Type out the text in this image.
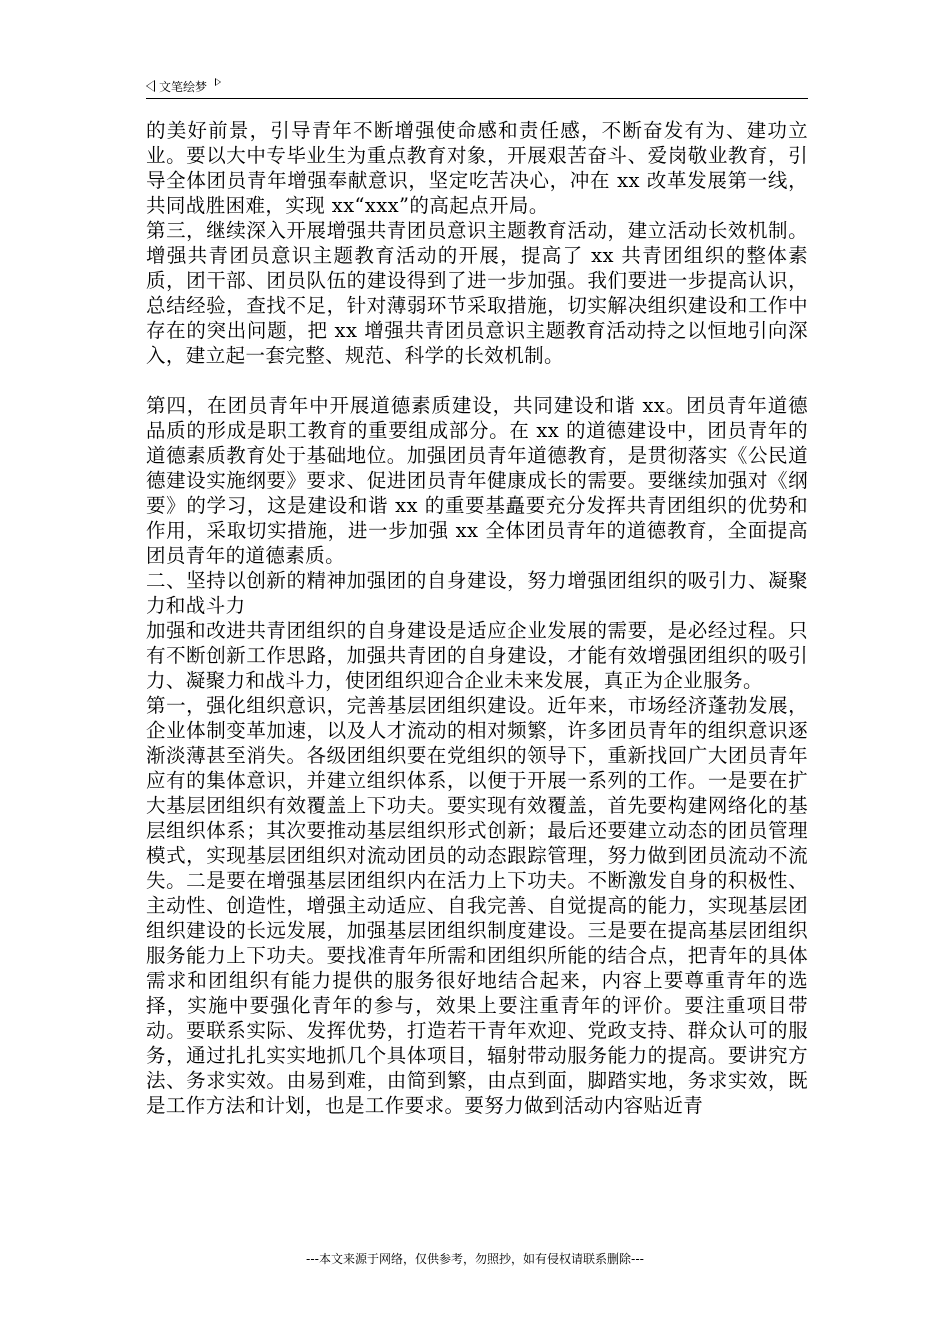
文笔绘梦

的美好前景，引导青年不断增强使命感和责任感，不断奋发有为、建功立业。要以大中专毕业生为重点教育对象，开展艰苦奋斗、爱岗敬业教育，引导全体团员青年增强奉献意识，坚定吃苦决心，冲在 xx 改革发展第一线，共同战胜困难，实现 xx“xxx”的高起点开局。

第三，继续深入开展增强共青团员意识主题教育活动，建立活动长效机制。增强共青团员意识主题教育活动的开展，提高了 xx 共青团组织的整体素质，团干部、团员队伍的建设得到了进一步加强。我们要进一步提高认识，总结经验，查找不足，针对薄弱环节采取措施，切实解决组织建设和工作中存在的突出问题，把 xx 增强共青团员意识主题教育活动持之以恒地引向深入，建立起一套完整、规范、科学的长效机制。

第四，在团员青年中开展道德素质建设，共同建设和谐 xx。团员青年道德品质的形成是职工教育的重要组成部分。在 xx 的道德建设中，团员青年的道德素质教育处于基础地位。加强团员青年道德教育，是贯彻落实《公民道德建设实施纲要》要求、促进团员青年健康成长的需要。要继续加强对《纲要》的学习，这是建设和谐 xx 的重要基矗要充分发挥共青团组织的优势和作用，采取切实措施，进一步加强 xx 全体团员青年的道德教育，全面提高团员青年的道德素质。

二、坚持以创新的精神加强团的自身建设，努力增强团组织的吸引力、凝聚力和战斗力

加强和改进共青团组织的自身建设是适应企业发展的需要，是必经过程。只有不断创新工作思路，加强共青团的自身建设，才能有效增强团组织的吸引力、凝聚力和战斗力，使团组织迎合企业未来发展，真正为企业服务。

第一，强化组织意识，完善基层团组织建设。近年来，市场经济蓬勃发展，企业体制变革加速，以及人才流动的相对频繁，许多团员青年的组织意识逐渐淡薄甚至消失。各级团组织要在党组织的领导下，重新找回广大团员青年应有的集体意识，并建立组织体系，以便于开展一系列的工作。一是要在扩大基层团组织有效覆盖上下功夫。要实现有效覆盖，首先要构建网络化的基层组织体系；其次要推动基层组织形式创新；最后还要建立动态的团员管理模式，实现基层团组织对流动团员的动态跟踪管理，努力做到团员流动不流失。二是要在增强基层团组织内在活力上下功夫。不断激发自身的积极性、主动性、创造性，增强主动适应、自我完善、自觉提高的能力，实现基层团组织建设的长远发展，加强基层团组织制度建设。三是要在提高基层团组织服务能力上下功夫。要找准青年所需和团组织所能的结合点，把青年的具体需求和团组织有能力提供的服务很好地结合起来，内容上要尊重青年的选择，实施中要强化青年的参与，效果上要注重青年的评价。要注重项目带动。要联系实际、发挥优势，打造若干青年欢迎、党政支持、群众认可的服务，通过扎扎实实地抓几个具体项目，辐射带动服务能力的提高。要讲究方法、务求实效。由易到难，由简到繁，由点到面，脚踏实地，务求实效，既是工作方法和计划，也是工作要求。要努力做到活动内容贴近青

---本文来源于网络，仅供参考，勿照抄，如有侵权请联系删除---
